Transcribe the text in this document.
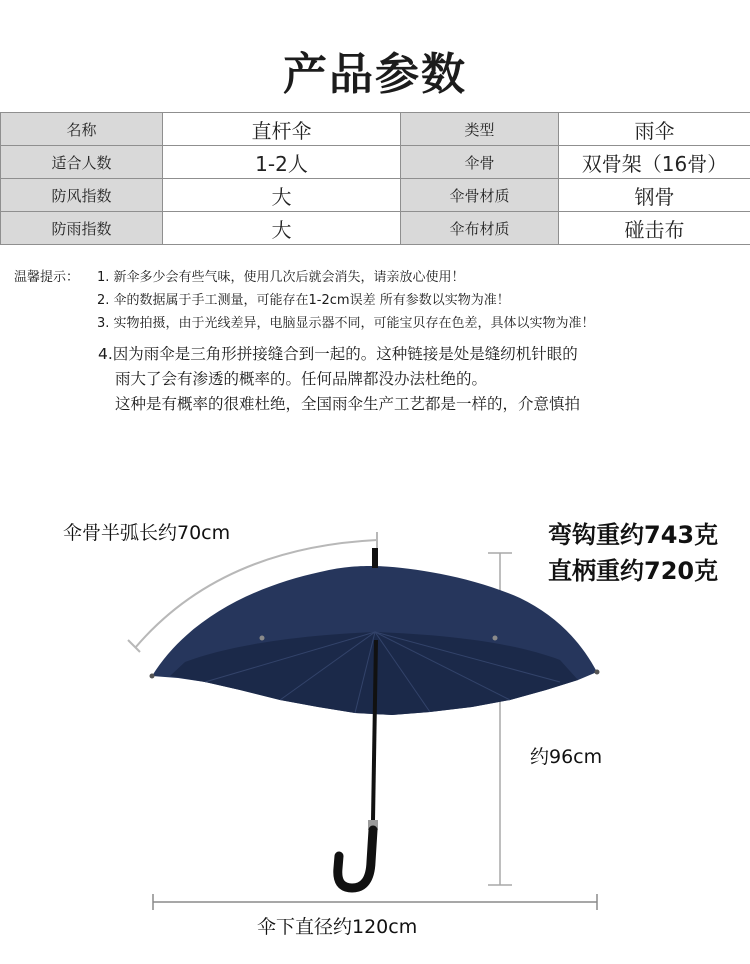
产品参数
名称	直杆伞	类型	雨伞
适合人数	1-2人	伞骨	双骨架（16骨）
防风指数	大	伞骨材质	钢骨
防雨指数	大	伞布材质	碰击布
温馨提示： 1. 新伞多少会有些气味，使用几次后就会消失，请亲放心使用！
2. 伞的数据属于手工测量，可能存在1-2cm误差 所有参数以实物为准！
3. 实物拍摄，由于光线差异，电脑显示器不同，可能宝贝存在色差，具体以实物为准！
4.因为雨伞是三角形拼接缝合到一起的。这种链接是处是缝纫机针眼的
雨大了会有渗透的概率的。任何品牌都没办法杜绝的。
这种是有概率的很难杜绝，全国雨伞生产工艺都是一样的，介意慎拍
伞骨半弧长约70cm	弯钩重约743克
直柄重约720克
约96cm
伞下直径约120cm
